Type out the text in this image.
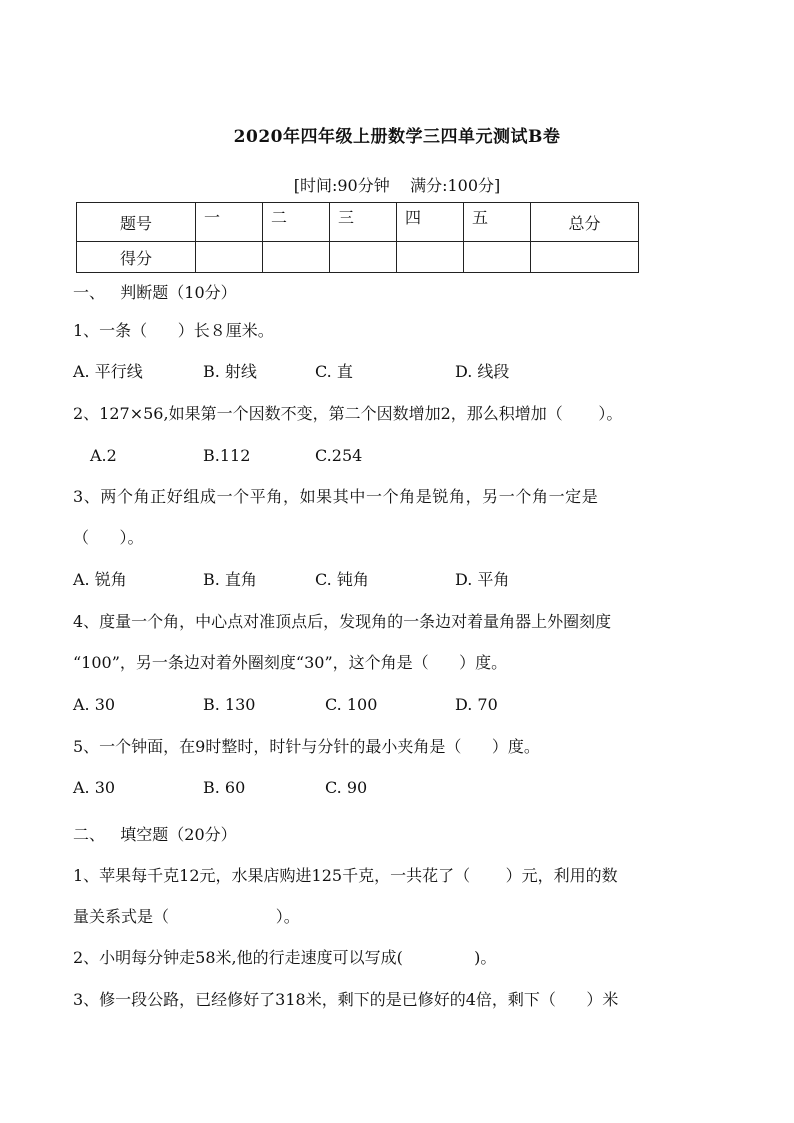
2020年四年级上册数学三四单元测试B卷
[时间:90分钟    满分:100分]
题号	一	二	三	四	五	总分
得分						
一、   判断题（10分）
1、一条（      ）长８厘米。

A. 平行线

	B. 射线

	C. 直

	D. 线段

2、127×56,如果第一个因数不变，第二个因数增加2，那么积增加（       ）。

A.2

	B.112

	C.254

3、两个角正好组成一个平角，如果其中一个角是锐角，另一个角一定是
（      ）。

A. 锐角

	B. 直角

	C. 钝角

	D. 平角

4、度量一个角，中心点对准顶点后，发现角的一条边对着量角器上外圈刻度
“100”，另一条边对着外圈刻度“30”，这个角是（      ）度。

A. 30

	B. 130

	C. 100

	D. 70

5、一个钟面，在9时整时，时针与分针的最小夹角是（      ）度。

A. 30

	B. 60

	C. 90

二、   填空题（20分）
1、苹果每千克12元，水果店购进125千克，一共花了（       ）元，利用的数
量关系式是（                     ）。
2、小明每分钟走58米,他的行走速度可以写成(              )。
3、修一段公路，已经修好了318米，剩下的是已修好的4倍，剩下（      ）米
